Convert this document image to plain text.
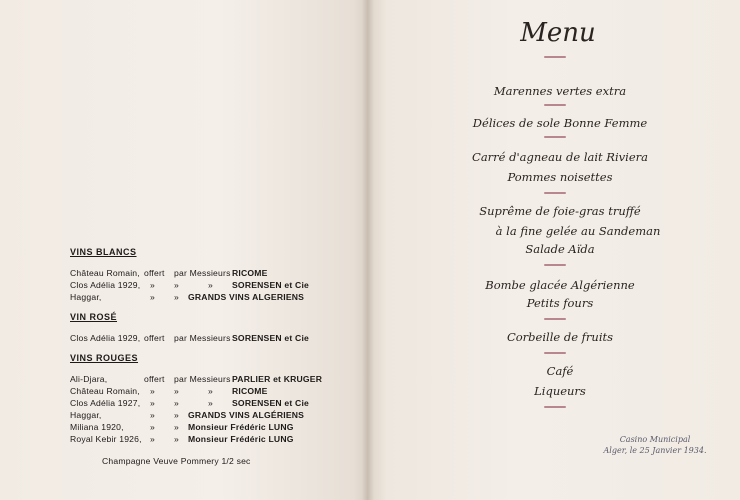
VINS BLANCS
Château Romain, offert par Messieurs RICOME
Clos Adélia 1929, » »	» SORENSEN et Cie
Haggar,	» » GRANDS VINS ALGERIENS
VIN ROSÉ
Clos Adélia 1929, offert par Messieurs SORENSEN et Cie
VINS ROUGES
Ali-Djara,	offert par Messieurs PARLIER et KRUGER
Château Romain, » »	» RICOME
Clos Adélia 1927, » »	» SORENSEN et Cie
Haggar,	» » GRANDS VINS ALGÉRIENS
Miliana 1920,	» » Monsieur Frédéric LUNG
Royal Kebir 1926, » » Monsieur Frédéric LUNG
Champagne Veuve Pommery 1/2 sec
Menu
Marennes vertes extra
Délices de sole Bonne Femme
Carré d'agneau de lait Riviera
Pommes noisettes
Suprême de foie-gras truffé
à la fine gelée au Sandeman
Salade Aïda
Bombe glacée Algérienne
Petits fours
Corbeille de fruits
Café
Liqueurs
Casino Municipal
Alger, le 25 Janvier 1934.
